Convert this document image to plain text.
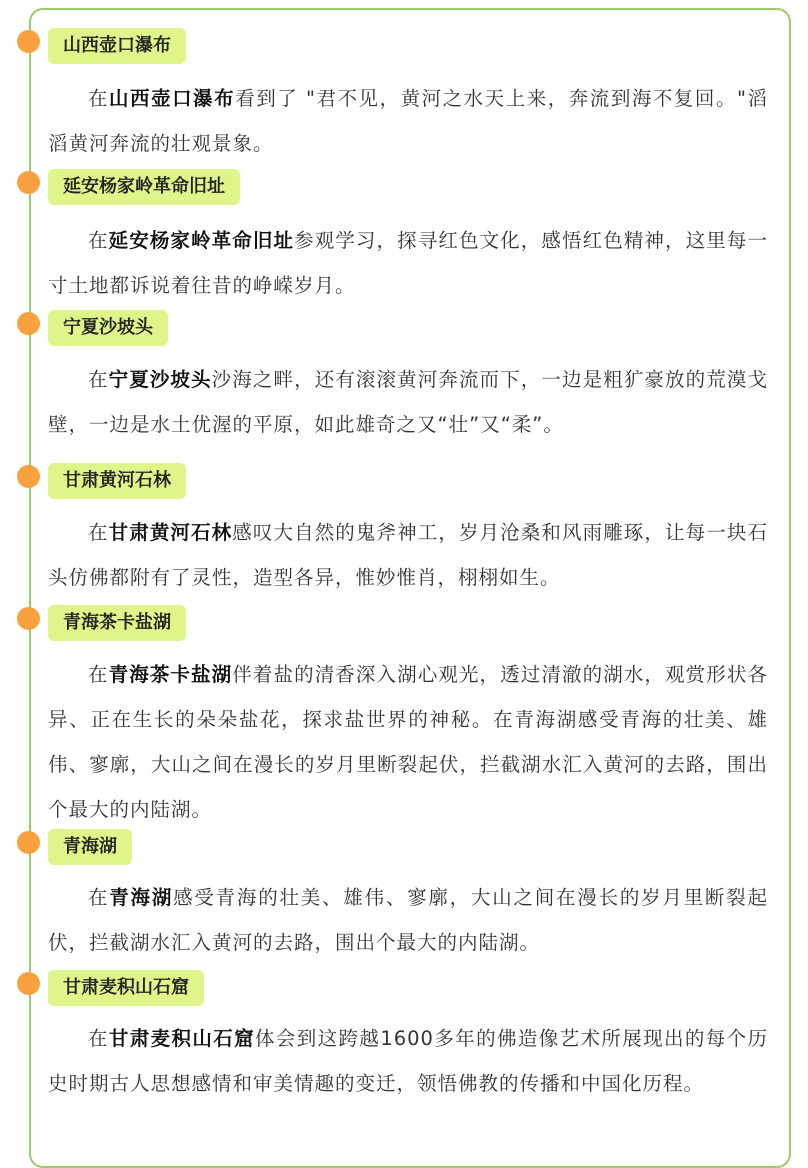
山西壶口瀑布

在山西壶口瀑布看到了 "君不见，黄河之水天上来，奔流到海不复回。"滔滔黄河奔流的壮观景象。

延安杨家岭革命旧址

在延安杨家岭革命旧址参观学习，探寻红色文化，感悟红色精神，这里每一寸土地都诉说着往昔的峥嵘岁月。

宁夏沙坡头

在宁夏沙坡头沙海之畔，还有滚滚黄河奔流而下，一边是粗犷豪放的荒漠戈壁，一边是水土优渥的平原，如此雄奇之又“壮”又“柔”。

甘肃黄河石林

在甘肃黄河石林感叹大自然的鬼斧神工，岁月沧桑和风雨雕琢，让每一块石头仿佛都附有了灵性，造型各异，惟妙惟肖，栩栩如生。

青海茶卡盐湖

在青海茶卡盐湖伴着盐的清香深入湖心观光，透过清澈的湖水，观赏形状各异、正在生长的朵朵盐花，探求盐世界的神秘。在青海湖感受青海的壮美、雄伟、寥廓，大山之间在漫长的岁月里断裂起伏，拦截湖水汇入黄河的去路，围出个最大的内陆湖。

青海湖

在青海湖感受青海的壮美、雄伟、寥廓，大山之间在漫长的岁月里断裂起伏，拦截湖水汇入黄河的去路，围出个最大的内陆湖。

甘肃麦积山石窟

在甘肃麦积山石窟体会到这跨越1600多年的佛造像艺术所展现出的每个历史时期古人思想感情和审美情趣的变迁，领悟佛教的传播和中国化历程。
